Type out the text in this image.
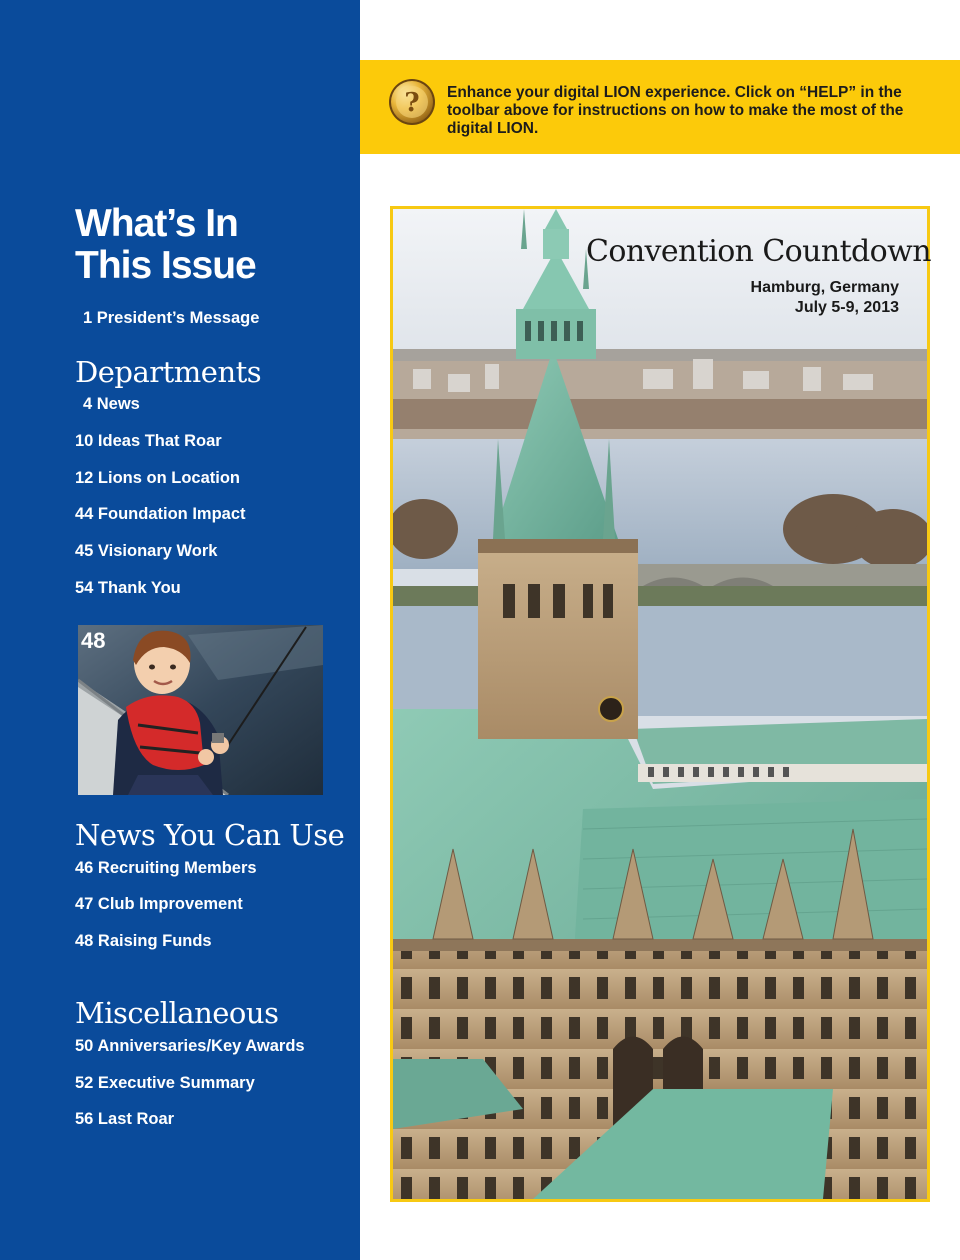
What’s In
This Issue
1 President’s Message
Departments
4 News
10 Ideas That Roar
12 Lions on Location
44 Foundation Impact
45 Visionary Work
54 Thank You
48
News You Can Use
46 Recruiting Members
47 Club Improvement
48 Raising Funds
Miscellaneous
50 Anniversaries/Key Awards
52 Executive Summary
56 Last Roar
? Enhance your digital LION experience. Click on “HELP” in the toolbar above for instructions on how to make the most of the digital LION.
Convention Countdown
Hamburg, Germany
July 5-9, 2013
